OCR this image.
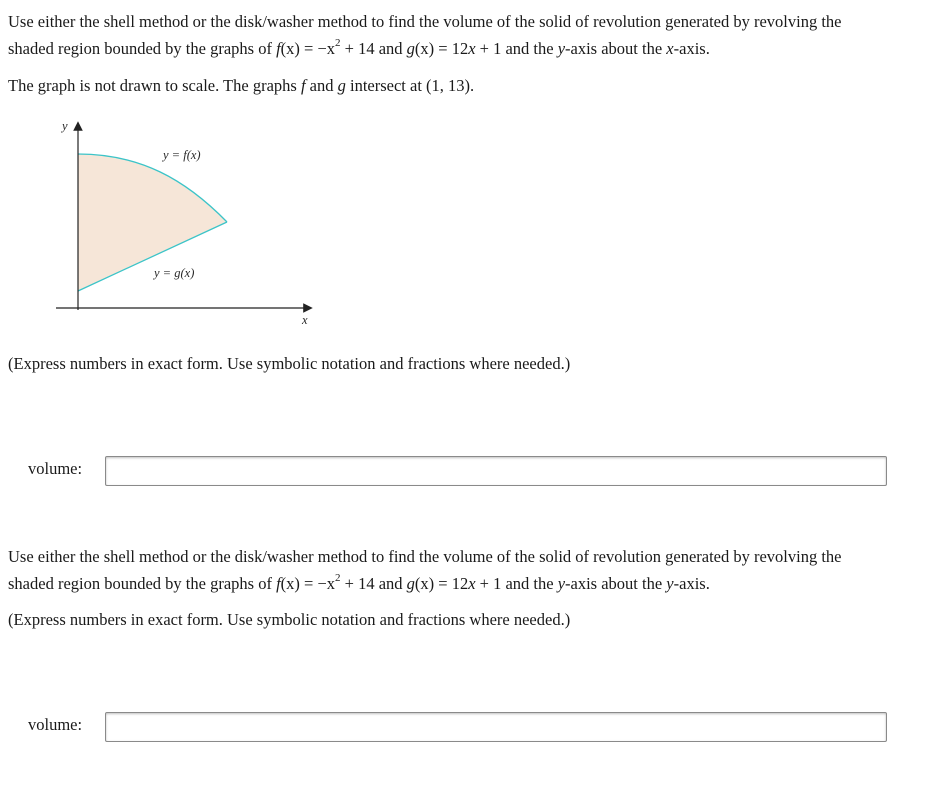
Use either the shell method or the disk/washer method to find the volume of the solid of revolution generated by revolving the
shaded region bounded by the graphs of $f(x) = -x^2 + 14$ and g(x) = 12x + 1 and the y-axis about the x-axis.

The graph is not drawn to scale. The graphs f and g intersect at (1, 13).

y
x
y = f(x)
y = g(x)

(Express numbers in exact form. Use symbolic notation and fractions where needed.)

volume:

Use either the shell method or the disk/washer method to find the volume of the solid of revolution generated by revolving the
shaded region bounded by the graphs of $f(x) = -x^2 + 14$ and g(x) = 12x + 1 and the y-axis about the y-axis.

(Express numbers in exact form. Use symbolic notation and fractions where needed.)

volume:
